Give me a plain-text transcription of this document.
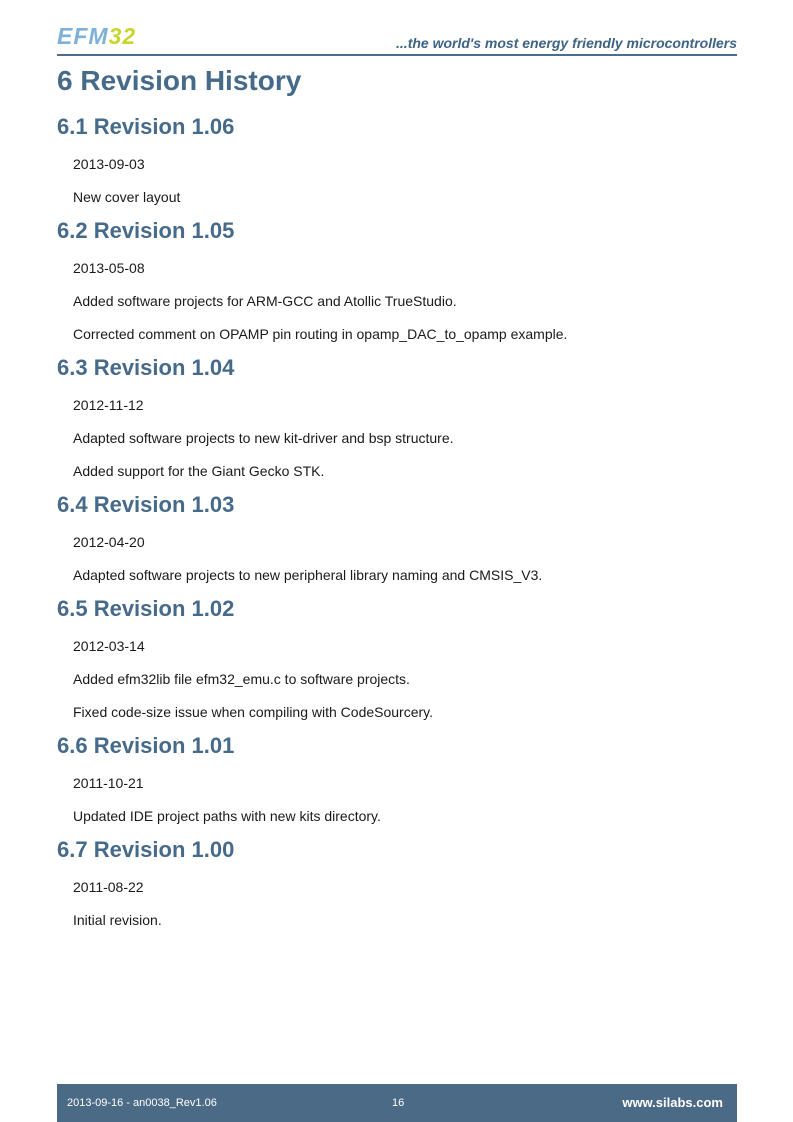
EFM32	...the world's most energy friendly microcontrollers
6 Revision History
6.1 Revision 1.06

2013-09-03

New cover layout

6.2 Revision 1.05

2013-05-08

Added software projects for ARM-GCC and Atollic TrueStudio.

Corrected comment on OPAMP pin routing in opamp_DAC_to_opamp example.

6.3 Revision 1.04

2012-11-12

Adapted software projects to new kit-driver and bsp structure.

Added support for the Giant Gecko STK.

6.4 Revision 1.03

2012-04-20

Adapted software projects to new peripheral library naming and CMSIS_V3.

6.5 Revision 1.02

2012-03-14

Added efm32lib file efm32_emu.c to software projects.

Fixed code-size issue when compiling with CodeSourcery.

6.6 Revision 1.01

2011-10-21

Updated IDE project paths with new kits directory.

6.7 Revision 1.00

2011-08-22

Initial revision.

2013-09-16 - an0038_Rev1.06	16	www.silabs.com
